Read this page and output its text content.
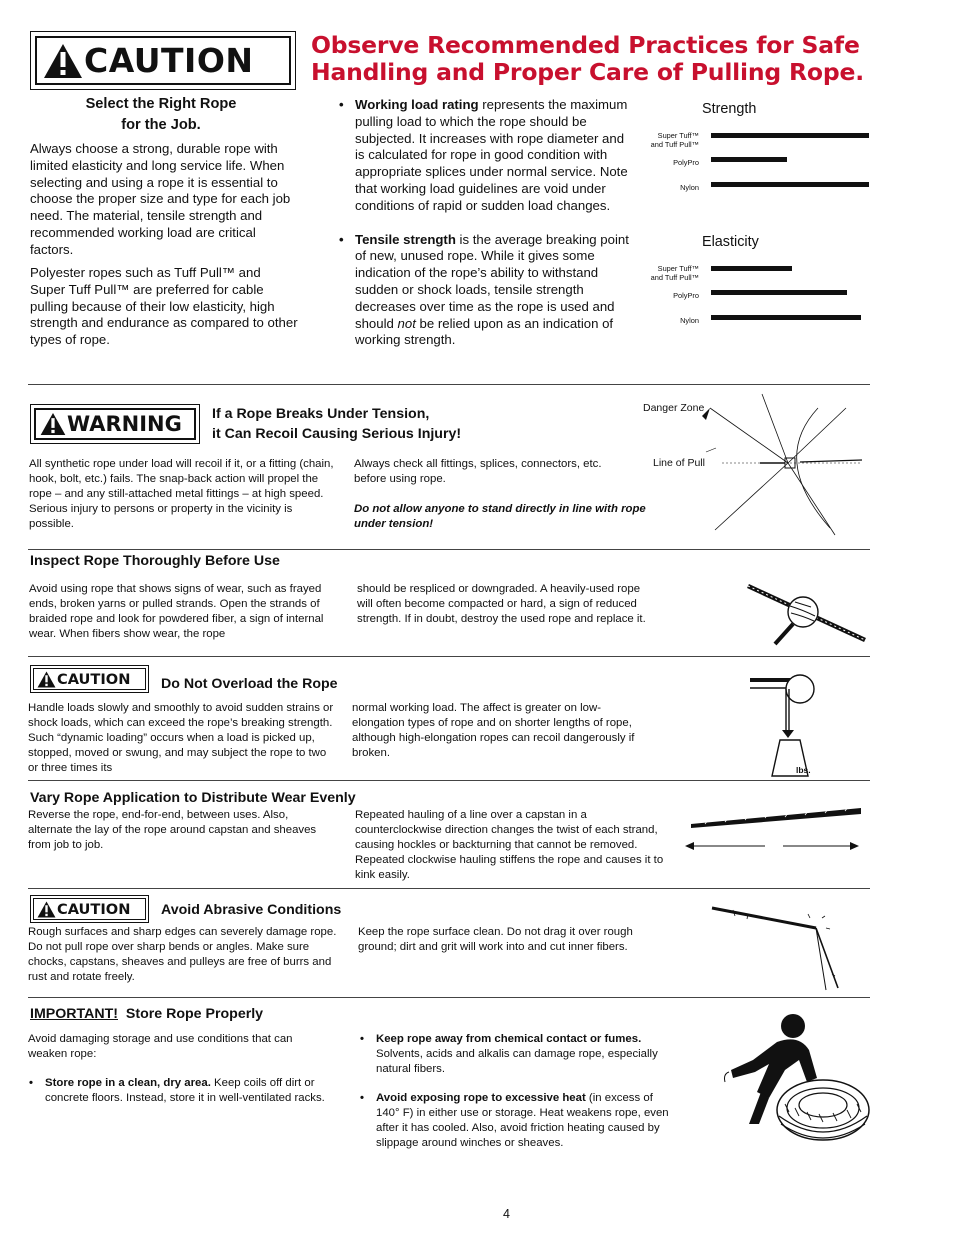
CAUTION Observe Recommended Practices for Safe
Handling and Proper Care of Pulling Rope.
Select the Right Rope
for the Job.
Always choose a strong, durable rope with limited elasticity and long service life. When selecting and using a rope it is essential to choose the proper size and type for each job need. The material, tensile strength and recommended working load are critical factors.
Polyester ropes such as Tuff Pull™ and Super Tuff Pull™ are preferred for cable pulling because of their low elasticity, high strength and endurance as compared to other types of rope.
• Working load rating represents the maximum pulling load to which the rope should be subjected. It increases with rope diameter and is calculated for rope in good condition with appropriate splices under normal service. Note that working load guidelines are void under conditions of rapid or sudden load changes.
• Tensile strength is the average breaking point of new, unused rope. While it gives some indication of the rope’s ability to withstand sudden or shock loads, tensile strength decreases over time as the rope is used and should not be relied upon as an indication of working strength.
Strength
Super Tuff™
and Tuff Pull™
PolyPro
Nylon
Elasticity
Super Tuff™
and Tuff Pull™
PolyPro
Nylon
WARNING If a Rope Breaks Under Tension,
it Can Recoil Causing Serious Injury!
All synthetic rope under load will recoil if it, or a fitting (chain, hook, bolt, etc.) fails. The snap-back action will propel the rope – and any still-attached metal fittings – at high speed. Serious injury to persons or property in the vicinity is possible.
Always check all fittings, splices, connectors, etc. before using rope.
Do not allow anyone to stand directly in line with rope under tension!
Danger Zone
Line of Pull
Inspect Rope Thoroughly Before Use
Avoid using rope that shows signs of wear, such as frayed ends, broken yarns or pulled strands. Open the strands of braided rope and look for powdered fiber, a sign of internal wear. When fibers show wear, the rope
should be respliced or downgraded. A heavily-used rope will often become compacted or hard, a sign of reduced strength. If in doubt, destroy the used rope and replace it.
CAUTION Do Not Overload the Rope
Handle loads slowly and smoothly to avoid sudden strains or shock loads, which can exceed the rope’s breaking strength. Such “dynamic loading” occurs when a load is picked up, stopped, moved or swung, and may subject the rope to two or three times its
normal working load. The affect is greater on low-elongation types of rope and on shorter lengths of rope, although high-elongation ropes can recoil dangerously if broken.
lbs.
Vary Rope Application to Distribute Wear Evenly
Reverse the rope, end-for-end, between uses. Also, alternate the lay of the rope around capstan and sheaves from job to job.
Repeated hauling of a line over a capstan in a counterclockwise direction changes the twist of each strand, causing hockles or backturning that cannot be removed. Repeated clockwise hauling stiffens the rope and causes it to kink easily.
CAUTION Avoid Abrasive Conditions
Rough surfaces and sharp edges can severely damage rope. Do not pull rope over sharp bends or angles. Make sure chocks, capstans, sheaves and pulleys are free of burrs and rust and rotate freely.
Keep the rope surface clean. Do not drag it over rough ground; dirt and grit will work into and cut inner fibers.
IMPORTANT! Store Rope Properly
Avoid damaging storage and use conditions that can weaken rope:
• Store rope in a clean, dry area. Keep coils off dirt or concrete floors. Instead, store it in well-ventilated racks.
• Keep rope away from chemical contact or fumes. Solvents, acids and alkalis can damage rope, especially natural fibers.
• Avoid exposing rope to excessive heat (in excess of 140° F) in either use or storage. Heat weakens rope, even after it has cooled. Also, avoid friction heating caused by slippage around winches or sheaves.
4
